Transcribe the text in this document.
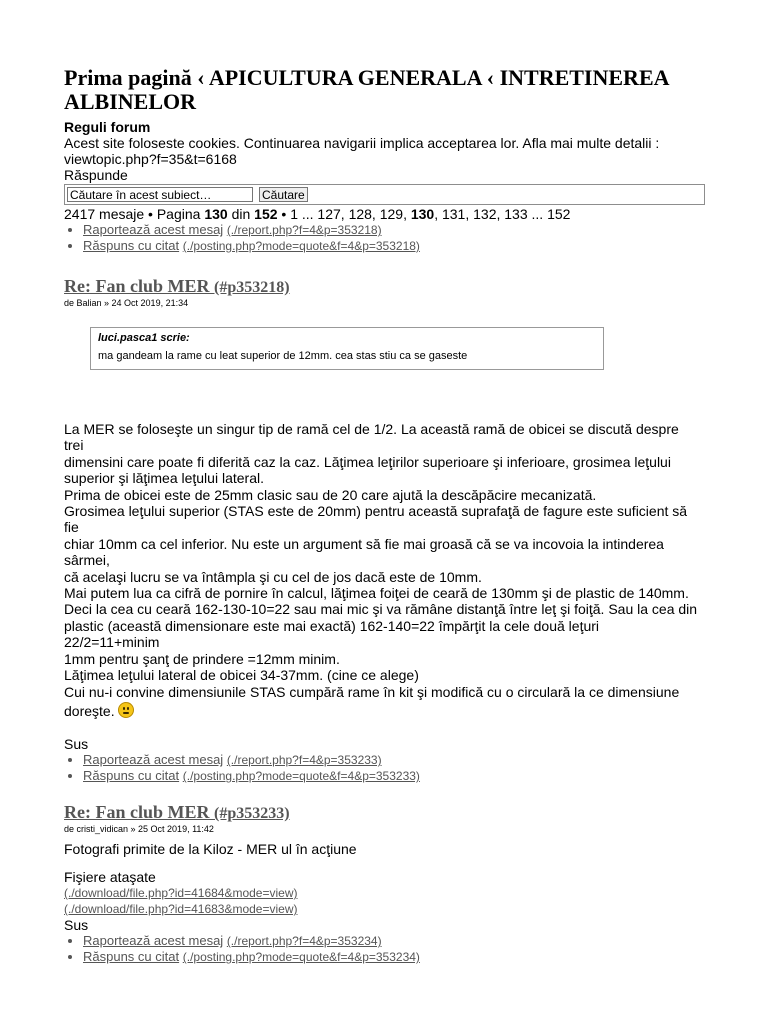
Prima pagină ‹ APICULTURA GENERALA ‹ INTRETINEREA ALBINELOR
Reguli forum

Acest site foloseste cookies. Continuarea navigarii implica acceptarea lor. Afla mai multe detalii :

viewtopic.php?f=35&t=6168

Răspunde

Căutare în acest subiect…
Căutare
2417 mesaje • Pagina 130 din 152 • 1 ... 127, 128, 129, 130, 131, 132, 133 ... 152
• Raportează acest mesaj (./report.php?f=4&p=353218)
• Răspuns cu citat (./posting.php?mode=quote&f=4&p=353218)
Re: Fan club MER (#p353218)
de Balian » 24 Oct 2019, 21:34
luci.pasca1 scrie:
ma gandeam la rame cu leat superior de 12mm. cea stas stiu ca se gaseste

La MER se foloseşte un singur tip de ramă cel de 1/2. La această ramă de obicei se discută despre

trei

dimensini care poate fi diferită caz la caz. Lăţimea leţirilor superioare şi inferioare, grosimea leţului

superior şi lăţimea leţului lateral.

Prima de obicei este de 25mm clasic sau de 20 care ajută la descăpăcire mecanizată.

Grosimea leţului superior (STAS este de 20mm) pentru această suprafaţă de fagure este suficient să

fie

chiar 10mm ca cel inferior. Nu este un argument să fie mai groasă că se va incovoia la intinderea

sârmei,

că acelaşi lucru se va întâmpla şi cu cel de jos dacă este de 10mm.

Mai putem lua ca cifră de pornire în calcul, lăţimea foiţei de ceară de 130mm şi de plastic de 140mm.

Deci la cea cu ceară 162-130-10=22 sau mai mic şi va rămâne distanţă între leţ şi foiţă. Sau la cea din

plastic (această dimensionare este mai exactă) 162-140=22 împărţit la cele două leţuri

22/2=11+minim

1mm pentru şanţ de prindere =12mm minim.

Lăţimea leţului lateral de obicei 34-37mm. (cine ce alege)

Cui nu-i convine dimensiunile STAS cumpără rame în kit şi modifică cu o circulară la ce dimensiune

doreşte.

Sus
• Raportează acest mesaj (./report.php?f=4&p=353233)
• Răspuns cu citat (./posting.php?mode=quote&f=4&p=353233)
Re: Fan club MER (#p353233)
de cristi_vidican » 25 Oct 2019, 11:42
Fotografi primite de la Kiloz - MER ul în acţiune
Fişiere ataşate
(./download/file.php?id=41684&mode=view)
(./download/file.php?id=41683&mode=view)
Sus
• Raportează acest mesaj (./report.php?f=4&p=353234)
• Răspuns cu citat (./posting.php?mode=quote&f=4&p=353234)
